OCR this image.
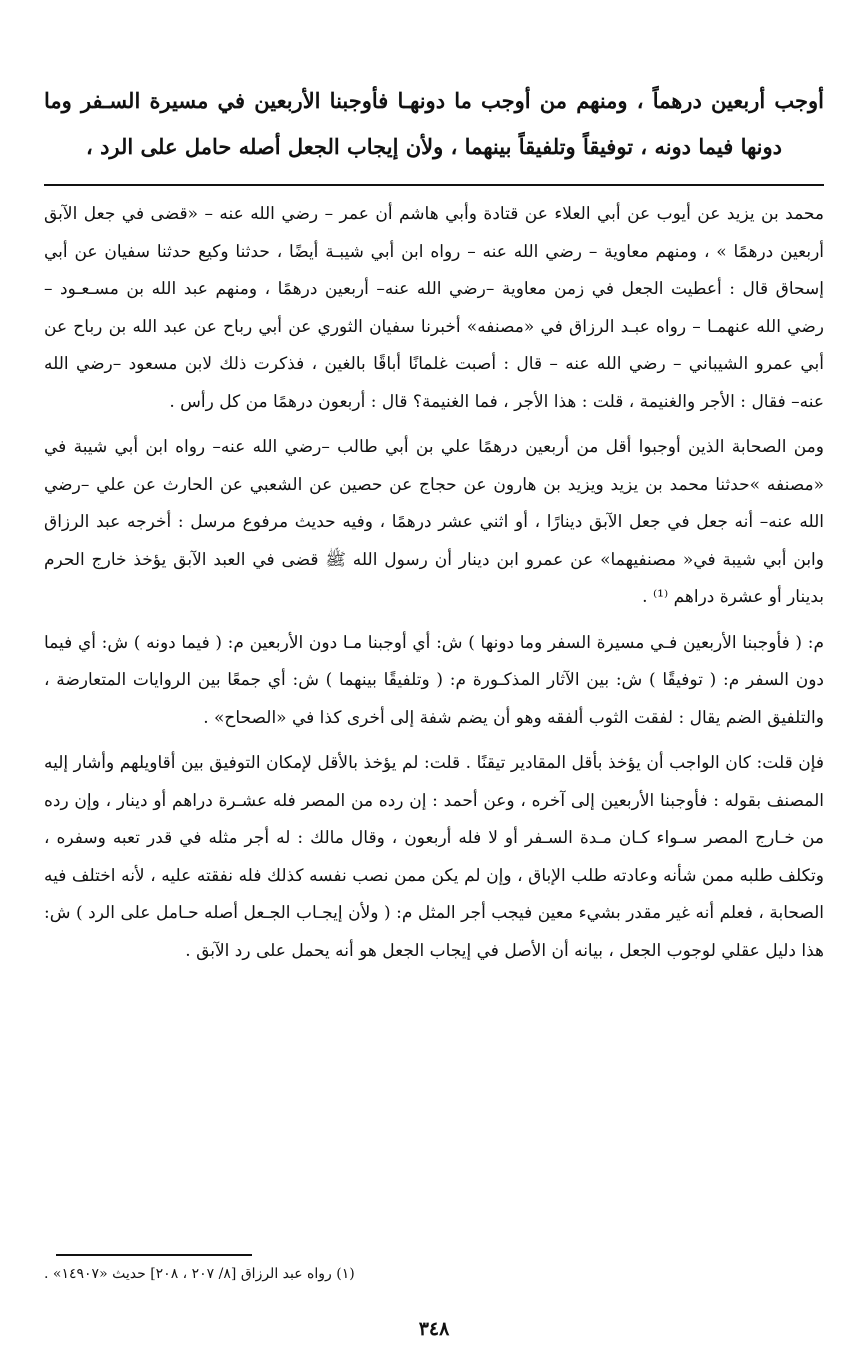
أوجب أربعين درهماً ، ومنهم من أوجب ما دونهـا فأوجبنا الأربعين في مسيرة السـفر وما دونها فيما دونه ، توفيقاً وتلفيقاً بينهما ، ولأن إيجاب الجعل أصله حامل على الرد ،

محمد بن يزيد عن أيوب عن أبي العلاء عن قتادة وأبي هاشم أن عمر – رضي الله عنه – «قضى في جعل الآبق أربعين درهمًا » ، ومنهم معاوية – رضي الله عنه – رواه ابن أبي شيبـة أيضًا ، حدثنا وكيع حدثنا سفيان عن أبي إسحاق قال : أعطيت الجعل في زمن معاوية –رضي الله عنه– أربعين درهمًا ، ومنهم عبد الله بن مسـعـود – رضي الله عنهمـا – رواه عبـد الرزاق في «مصنفه» أخبرنا سفيان الثوري عن أبي رباح عن عبد الله بن رباح عن أبي عمرو الشيباني – رضي الله عنه – قال : أصبت غلمانًا أباقًا بالغين ، فذكرت ذلك لابن مسعود –رضي الله عنه– فقال : الأجر والغنيمة ، قلت : هذا الأجر ، فما الغنيمة؟ قال : أربعون درهمًا من كل رأس .

ومن الصحابة الذين أوجبوا أقل من أربعين درهمًا علي بن أبي طالب –رضي الله عنه– رواه ابن أبي شيبة في «مصنفه »حدثنا محمد بن يزيد ويزيد بن هارون عن حجاج عن حصين عن الشعبي عن الحارث عن علي –رضي الله عنه– أنه جعل في جعل الآبق دينارًا ، أو اثني عشر درهمًا ، وفيه حديث مرفوع مرسل : أخرجه عبد الرزاق وابن أبي شيبة في« مصنفيهما» عن عمرو ابن دينار أن رسول الله ﷺ قضى في العبد الآبق يؤخذ خارج الحرم بدينار أو عشرة دراهم ⁽¹⁾ .

م: ( فأوجبنا الأربعين فـي مسيرة السفر وما دونها ) ش: أي أوجبنا مـا دون الأربعين م: ( فيما دونه ) ش: أي فيما دون السفر م: ( توفيقًا ) ش: بين الآثار المذكـورة م: ( وتلفيقًا بينهما ) ش: أي جمعًا بين الروايات المتعارضة ، والتلفيق الضم يقال : لفقت الثوب ألفقه وهو أن يضم شفة إلى أخرى كذا في «الصحاح» .

فإن قلت: كان الواجب أن يؤخذ بأقل المقادير تيقنًا . قلت: لم يؤخذ بالأقل لإمكان التوفيق بين أقاويلهم وأشار إليه المصنف بقوله : فأوجبنا الأربعين إلى آخره ، وعن أحمد : إن رده من المصر فله عشـرة دراهم أو دينار ، وإن رده من خـارج المصر سـواء كـان مـدة السـفر أو لا فله أربعون ، وقال مالك : له أجر مثله في قدر تعبه وسفره ، وتكلف طلبه ممن شأنه وعادته طلب الإباق ، وإن لم يكن ممن نصب نفسه كذلك فله نفقته عليه ، لأنه اختلف فيه الصحابة ، فعلم أنه غير مقدر بشيء معين فيجب أجر المثل م: ( ولأن إيجـاب الجـعل أصله حـامل على الرد ) ش: هذا دليل عقلي لوجوب الجعل ، بيانه أن الأصل في إيجاب الجعل هو أنه يحمل على رد الآبق .

(١) رواه عبد الرزاق [٨/ ٢٠٧ ، ٢٠٨] حديث «١٤٩٠٧» .
٣٤٨
